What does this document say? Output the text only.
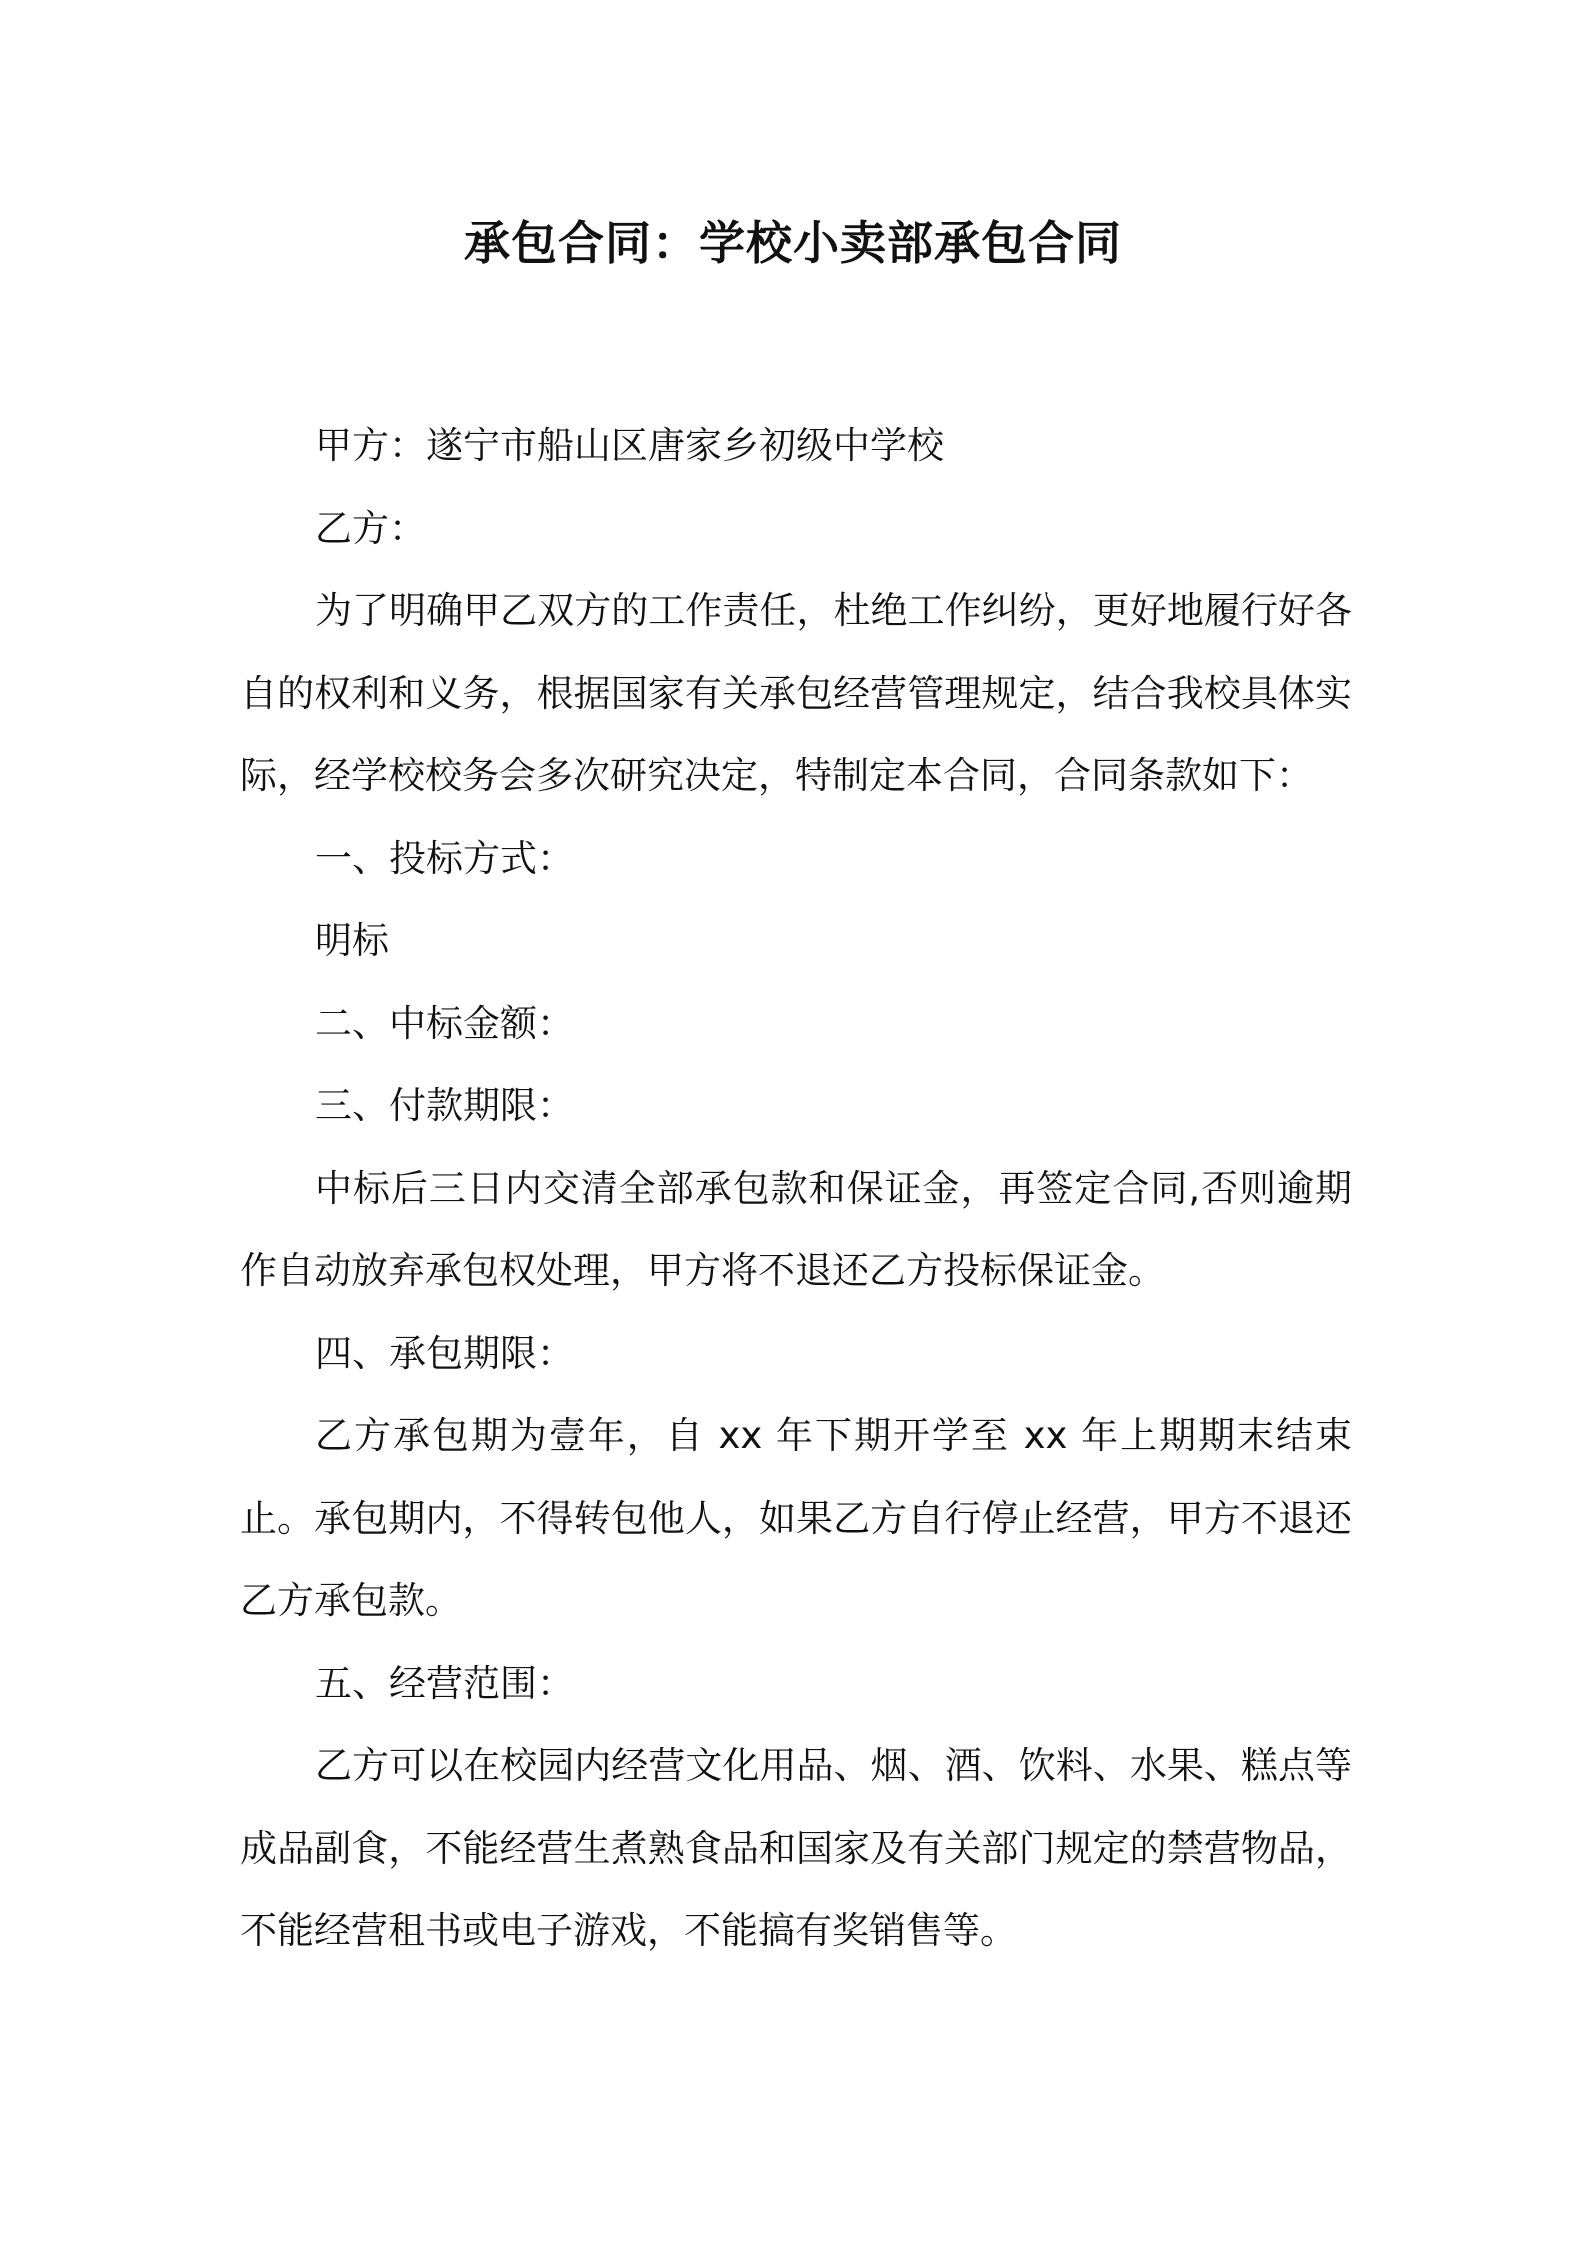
承包合同：学校小卖部承包合同

甲方：遂宁市船山区唐家乡初级中学校

乙方：

为了明确甲乙双方的工作责任，杜绝工作纠纷，更好地履行好各自的权利和义务，根据国家有关承包经营管理规定，结合我校具体实际，经学校校务会多次研究决定，特制定本合同，合同条款如下：

一、投标方式：

明标

二、中标金额：

三、付款期限：

中标后三日内交清全部承包款和保证金，再签定合同,否则逾期作自动放弃承包权处理，甲方将不退还乙方投标保证金。

四、承包期限：

乙方承包期为壹年，自 xx 年下期开学至 xx 年上期期末结束止。承包期内，不得转包他人，如果乙方自行停止经营，甲方不退还乙方承包款。

五、经营范围：

乙方可以在校园内经营文化用品、烟、酒、饮料、水果、糕点等成品副食，不能经营生煮熟食品和国家及有关部门规定的禁营物品，不能经营租书或电子游戏，不能搞有奖销售等。
